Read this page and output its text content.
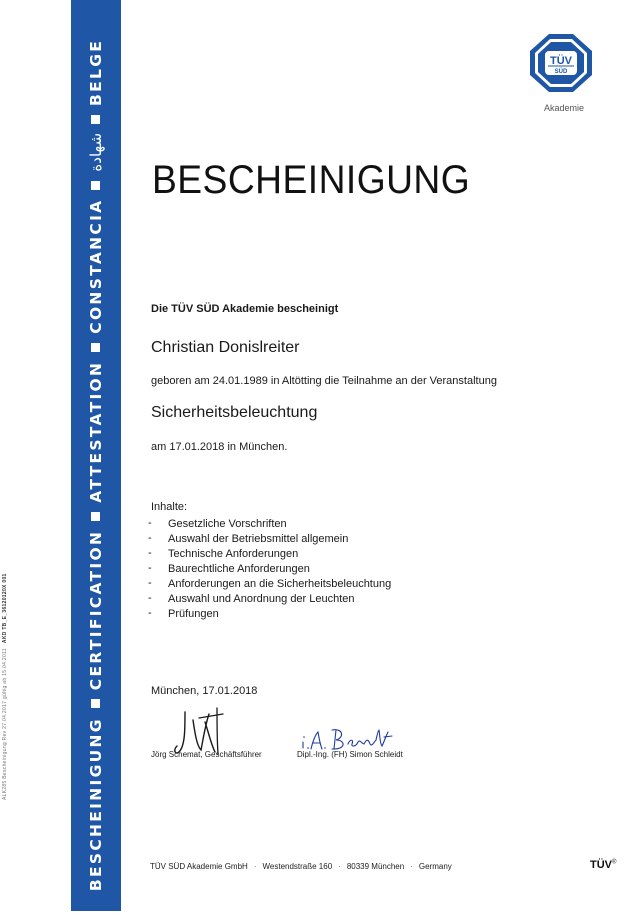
BESCHEINIGUNGCERTIFICATIONATTESTATIONCONSTANCIAشهادةBELGE
ALK285 Bescheinigung Rev 27.04.2017 gültig ab 15.04.2011   AKD TB_E_36120120X 001
TÜV
SÜD
Akademie
BESCHEINIGUNG
Die TÜV SÜD Akademie bescheinigt
Christian Donislreiter
geboren am 24.01.1989 in Altötting die Teilnahme an der Veranstaltung
Sicherheitsbeleuchtung
am 17.01.2018 in München.
Inhalte:
- Gesetzliche Vorschriften
- Auswahl der Betriebsmittel allgemein
- Technische Anforderungen
- Baurechtliche Anforderungen
- Anforderungen an die Sicherheitsbeleuchtung
- Auswahl und Anordnung der Leuchten
- Prüfungen
München, 17.01.2018
Jörg Schemat, Geschäftsführer	Dipl.-Ing. (FH) Simon Schleidt
TÜV SÜD Akademie GmbH · Westendstraße 160 · 80339 München · Germany	TÜV®
